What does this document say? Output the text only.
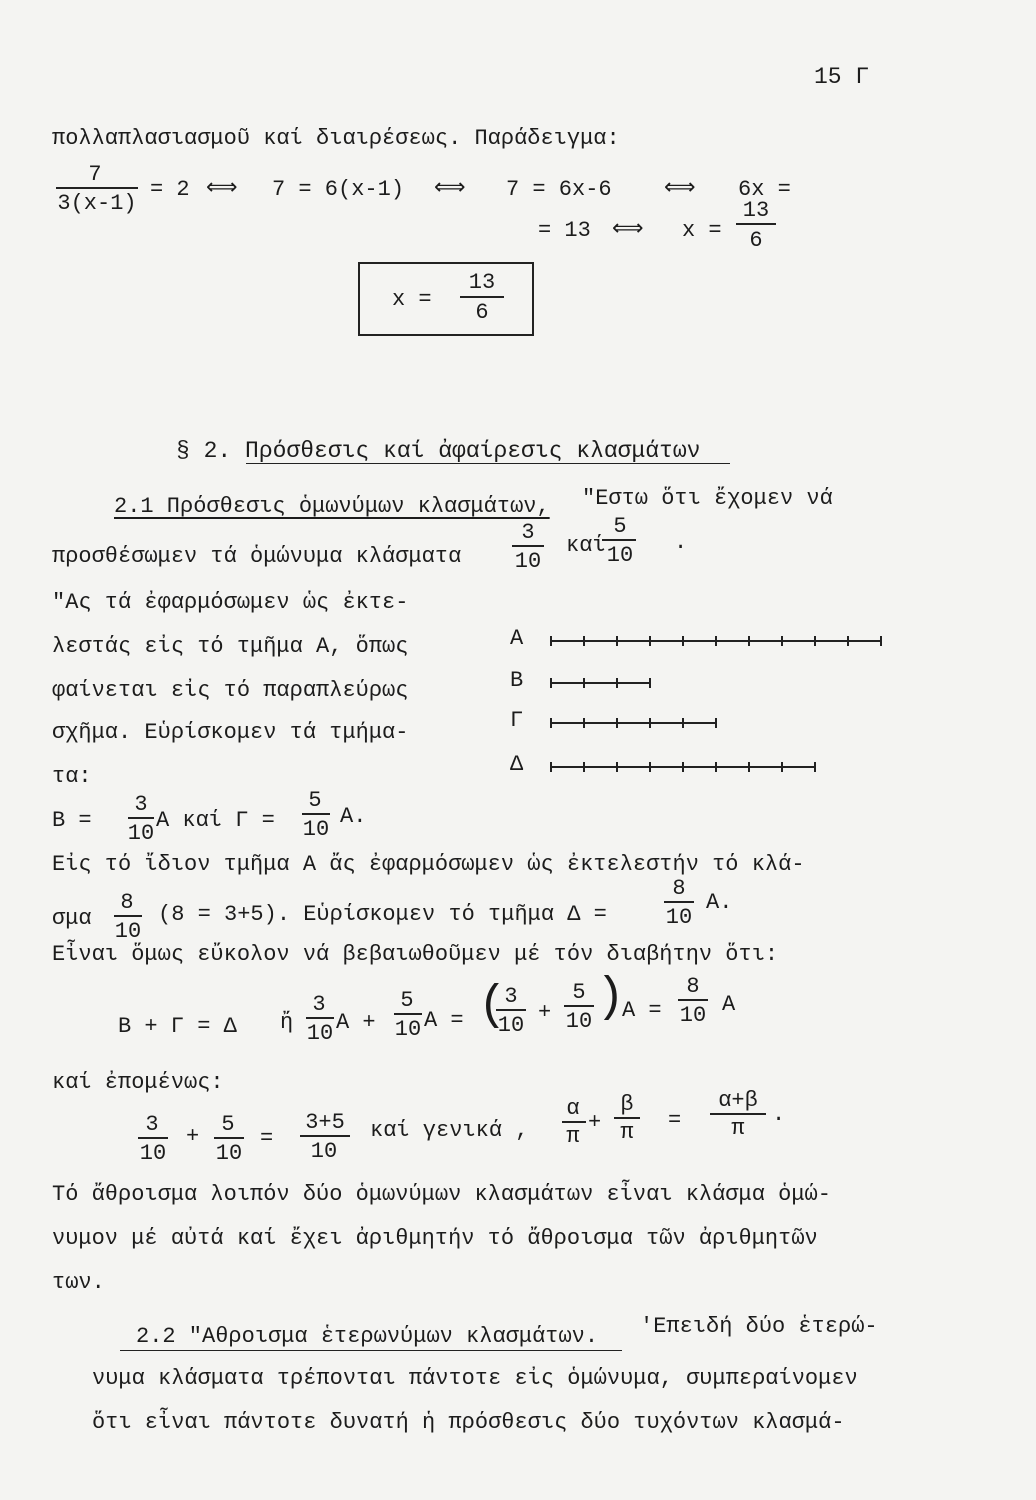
15 Γ
πολλαπλασιασμοῦ καί διαιρέσεως. Παράδειγμα:
7
3(x-1)
= 2 ⟺ 7 = 6(x-1) ⟺ 7 = 6x-6 ⟺ 6x =
= 13 ⟺ x =
13
6
x =
13
6
§ 2. Πρόσθεσις καί ἀφαίρεσις κλασμάτων
2.1 Πρόσθεσις ὁμωνύμων κλασμάτων, "Εστω ὅτι ἔχομεν νά
προσθέσωμεν τά ὁμώνυμα κλάσματα
3
10
καί
5
10
.
"Ας τά ἐφαρμόσωμεν ὡς ἐκτε-
λεστάς εἰς τό τμῆμα Α, ὅπως
φαίνεται εἰς τό παραπλεύρως
σχῆμα. Εὑρίσκομεν τά τμήμα-
τα:
Α
Β
Γ
Δ
Β =
3
10
Α καί Γ =
5
10
Α.
Εἰς τό ἴδιον τμῆμα Α ἄς ἐφαρμόσωμεν ὡς ἐκτελεστήν τό κλά-
σμα
8
10
(8 = 3+5). Εὑρίσκομεν τό τμῆμα Δ =
8
10
Α.
Εἶναι ὅμως εὔκολον νά βεβαιωθοῦμεν μέ τόν διαβήτην ὅτι:
Β + Γ = Δ ἤ
3
10 Α +
5
10 Α = (
3
10
+
5
10 )
Α =
8
10 Α
καί ἐπομένως:
3
10
+ 5
10
=
3+5
10
καί γενικά ,
α
π
+
β
π =
α+β
π
.
Τό ἄθροισμα λοιπόν δύο ὁμωνύμων κλασμάτων εἶναι κλάσμα ὁμώ-
νυμον μέ αὐτά καί ἔχει ἀριθμητήν τό ἄθροισμα τῶν ἀριθμητῶν
των.
2.2 "Αθροισμα ἑτερωνύμων κλασμάτων. 'Επειδή δύο ἑτερώ-
νυμα κλάσματα τρέπονται πάντοτε εἰς ὁμώνυμα, συμπεραίνομεν
ὅτι εἶναι πάντοτε δυνατή ἡ πρόσθεσις δύο τυχόντων κλασμά-
